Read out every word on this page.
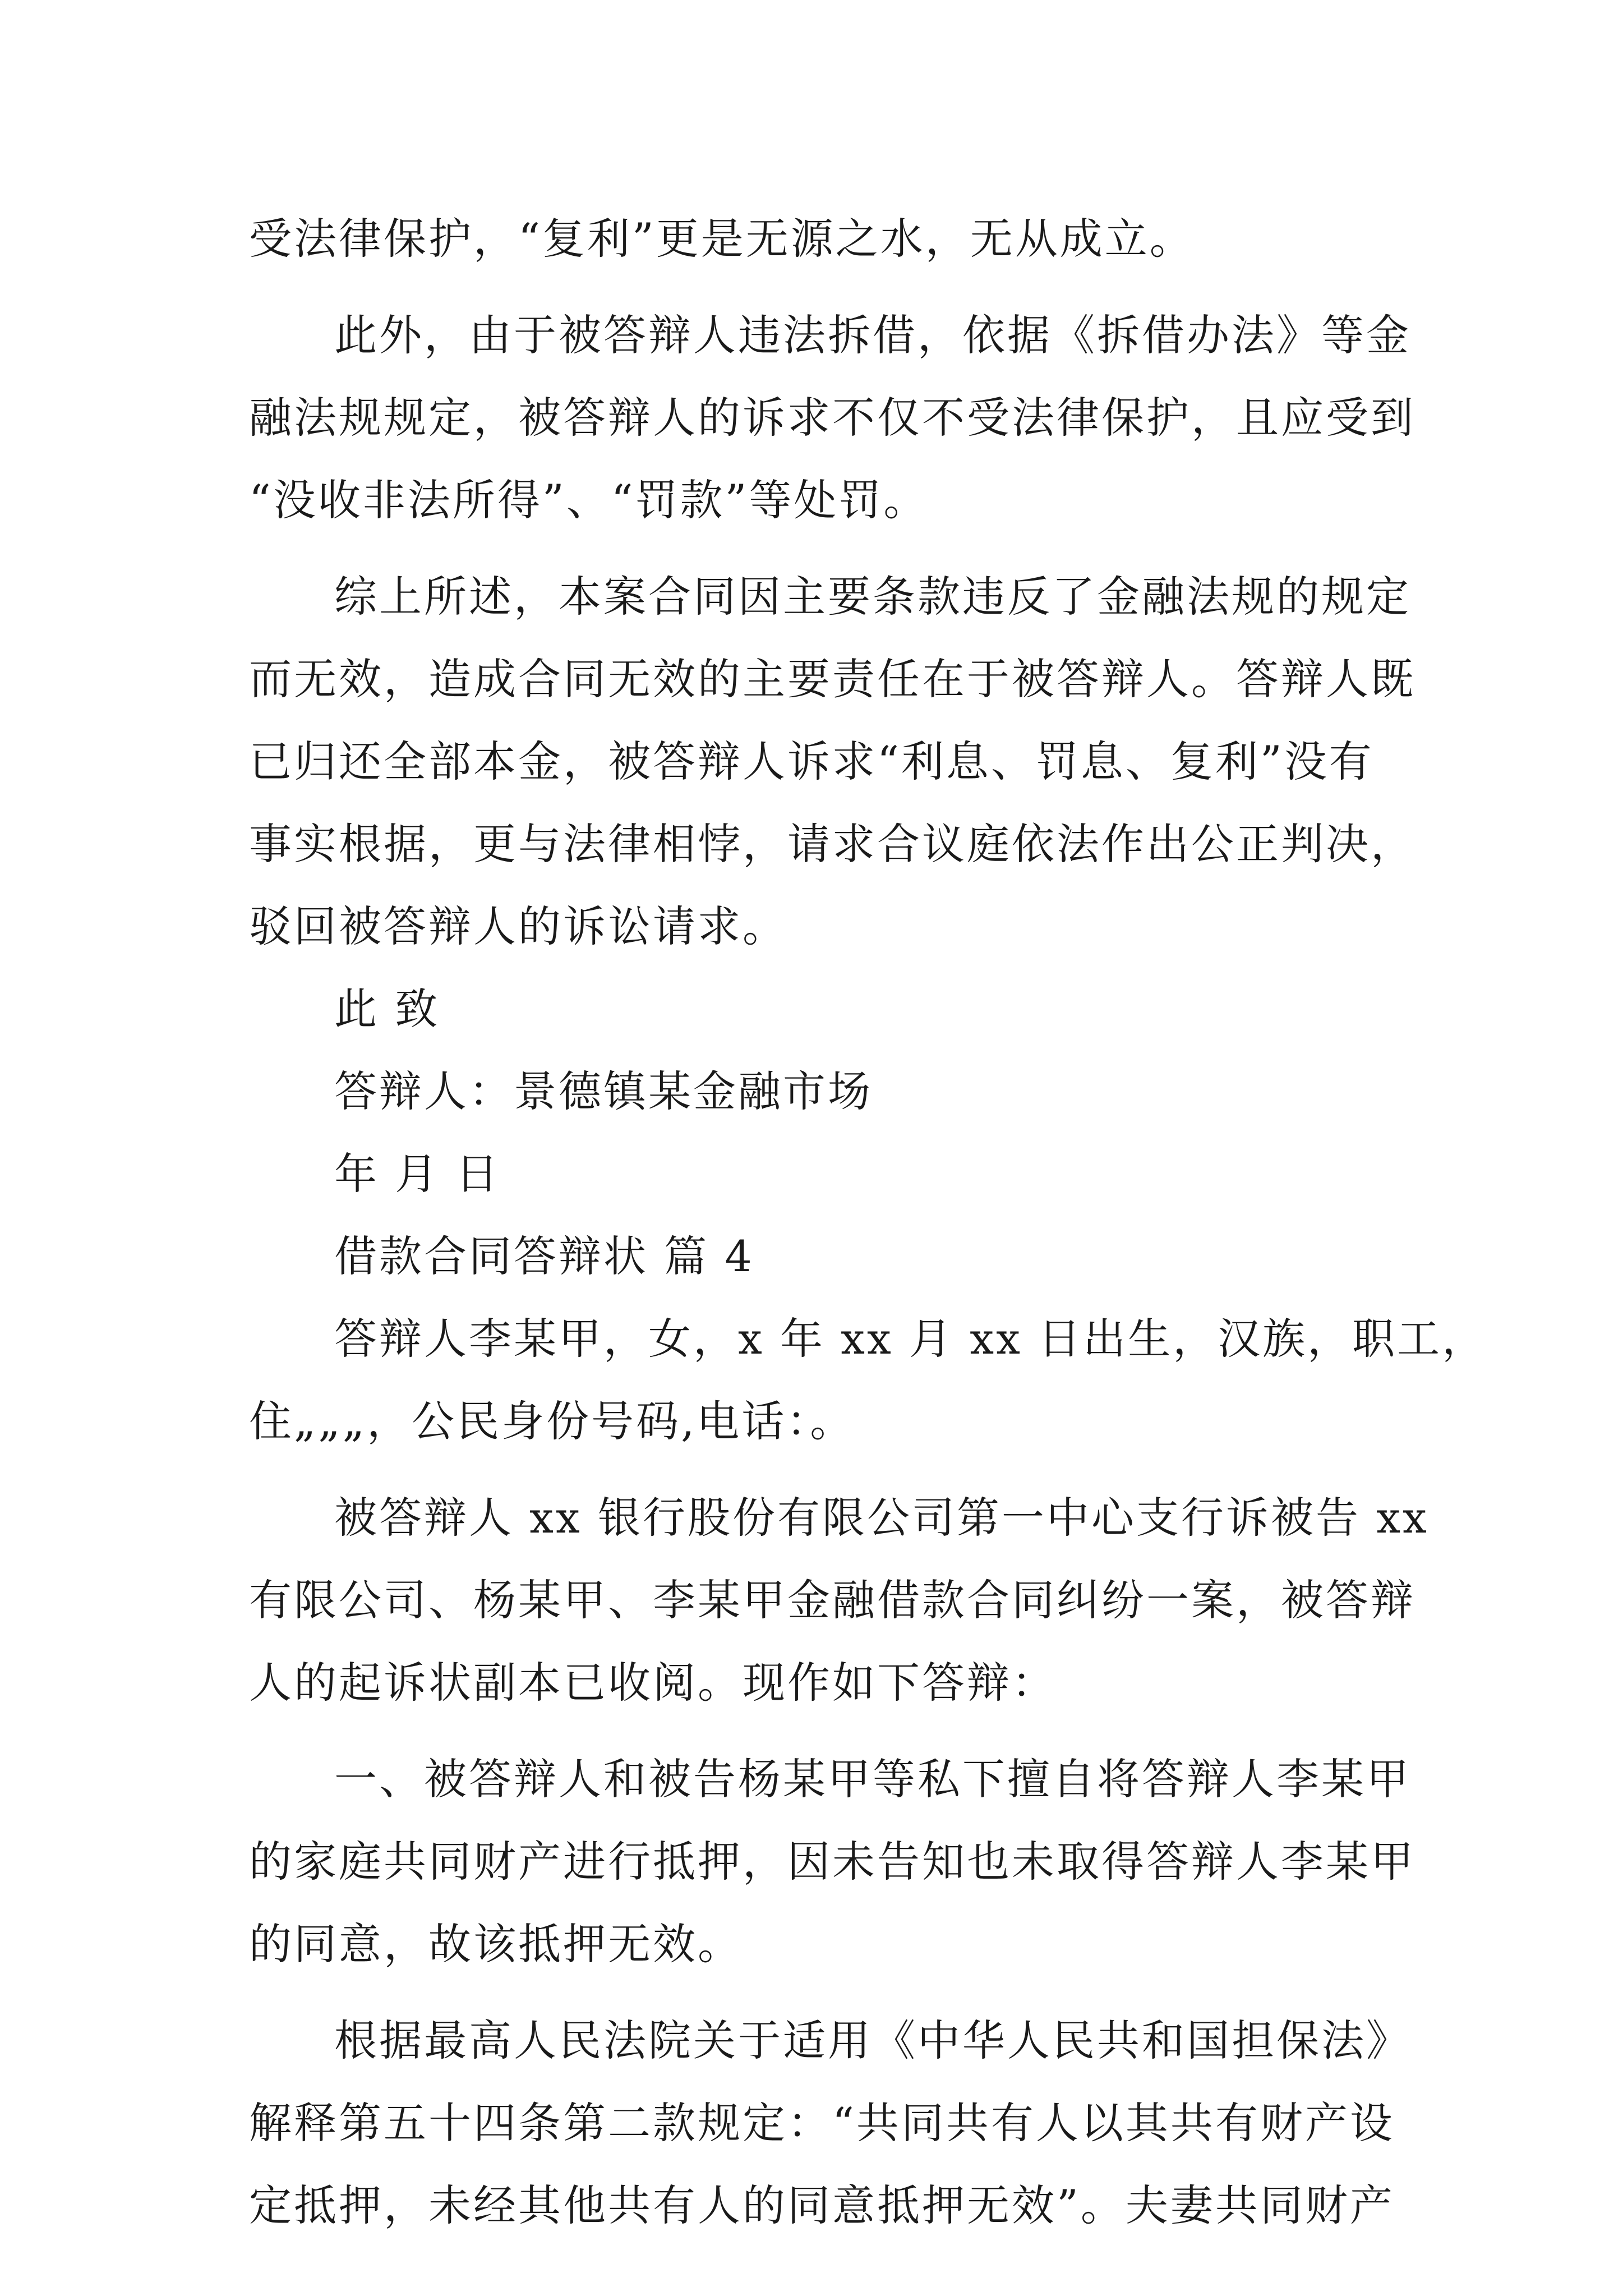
受法律保护，“复利”更是无源之水，无从成立。
此外，由于被答辩人违法拆借，依据《拆借办法》等金
融法规规定，被答辩人的诉求不仅不受法律保护，且应受到
“没收非法所得”、“罚款”等处罚。
综上所述，本案合同因主要条款违反了金融法规的规定
而无效，造成合同无效的主要责任在于被答辩人。答辩人既
已归还全部本金，被答辩人诉求“利息、罚息、复利”没有
事实根据，更与法律相悖，请求合议庭依法作出公正判决，
驳回被答辩人的诉讼请求。
此 致
答辩人：景德镇某金融市场
年 月 日
借款合同答辩状 篇 4
答辩人李某甲，女，x 年 xx 月 xx 日出生，汉族，职工，
住„„„，公民身份号码,电话：。
被答辩人 xx 银行股份有限公司第一中心支行诉被告 xx
有限公司、杨某甲、李某甲金融借款合同纠纷一案，被答辩
人的起诉状副本已收阅。现作如下答辩：
一、被答辩人和被告杨某甲等私下擅自将答辩人李某甲
的家庭共同财产进行抵押，因未告知也未取得答辩人李某甲
的同意，故该抵押无效。
根据最高人民法院关于适用《中华人民共和国担保法》
解释第五十四条第二款规定：“共同共有人以其共有财产设
定抵押，未经其他共有人的同意抵押无效”。夫妻共同财产
